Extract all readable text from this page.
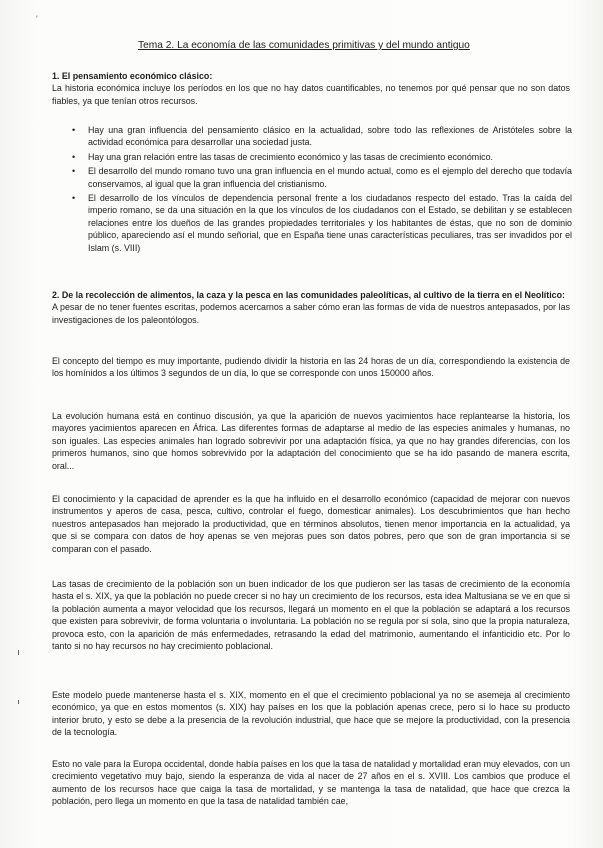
'
Tema 2. La economía de las comunidades primitivas y del mundo antiguo

1. El pensamiento económico clásico:

La historia económica incluye los períodos en los que no hay datos cuantificables, no tenemos por qué pensar que no son datos fiables, ya que tenían otros recursos.

• Hay una gran influencia del pensamiento clásico en la actualidad, sobre todo las reflexiones de Aristóteles sobre la actividad económica para desarrollar una sociedad justa.
• Hay una gran relación entre las tasas de crecimiento económico y las tasas de crecimiento económico.
• El desarrollo del mundo romano tuvo una gran influencia en el mundo actual, como es el ejemplo del derecho que todavía conservamos, al igual que la gran influencia del cristianismo.
• El desarrollo de los vínculos de dependencia personal frente a los ciudadanos respecto del estado. Tras la caída del imperio romano, se da una situación en la que los vínculos de los ciudadanos con el Estado, se debilitan y se establecen relaciones entre los dueños de las grandes propiedades territoriales y los habitantes de éstas, que no son de dominio público, apareciendo así el mundo señorial, que en España tiene unas características peculiares, tras ser invadidos por el Islam (s. VIII)

2. De la recolección de alimentos, la caza y la pesca en las comunidades paleolíticas, al cultivo de la tierra en el Neolítico:

A pesar de no tener fuentes escritas, podemos acercarnos a saber cómo eran las formas de vida de nuestros antepasados, por las investigaciones de los paleontólogos.

El concepto del tiempo es muy importante, pudiendo dividir la historia en las 24 horas de un día, correspondiendo la existencia de los homínidos a los últimos 3 segundos de un día, lo que se corresponde con unos 150000 años.

La evolución humana está en continuo discusión, ya que la aparición de nuevos yacimientos hace replantearse la historia, los mayores yacimientos aparecen en África. Las diferentes formas de adaptarse al medio de las especies animales y humanas, no son iguales. Las especies animales han logrado sobrevivir por una adaptación física, ya que no hay grandes diferencias, con los primeros humanos, sino que homos sobrevivido por la adaptación del conocimiento que se ha ido pasando de manera escrita, oral...

El conocimiento y la capacidad de aprender es la que ha influido en el desarrollo económico (capacidad de mejorar con nuevos instrumentos y aperos de casa, pesca, cultivo, controlar el fuego, domesticar animales). Los descubrimientos que han hecho nuestros antepasados han mejorado la productividad, que en términos absolutos, tienen menor importancia en la actualidad, ya que si se compara con datos de hoy apenas se ven mejoras pues son datos pobres, pero que son de gran importancia si se comparan con el pasado.

Las tasas de crecimiento de la población son un buen indicador de los que pudieron ser las tasas de crecimiento de la economía hasta el s. XIX, ya que la población no puede crecer si no hay un crecimiento de los recursos, esta idea Maltusiana se ve en que si la población aumenta a mayor velocidad que los recursos, llegará un momento en el que la población se adaptará a los recursos que existen para sobrevivir, de forma voluntaria o involuntaria. La población no se regula por sí sola, sino que la propia naturaleza, provoca esto, con la aparición de más enfermedades, retrasando la edad del matrimonio, aumentando el infanticidio etc. Por lo tanto si no hay recursos no hay crecimiento poblacional.

Este modelo puede mantenerse hasta el s. XIX, momento en el que el crecimiento poblacional ya no se asemeja al crecimiento económico, ya que en estos momentos (s. XIX) hay países en los que la población apenas crece, pero si lo hace su producto interior bruto, y esto se debe a la presencia de la revolución industrial, que hace que se mejore la productividad, con la presencia de la tecnología.

Esto no vale para la Europa occidental, donde había países en los que la tasa de natalidad y mortalidad eran muy elevados, con un crecimiento vegetativo muy bajo, siendo la esperanza de vida al nacer de 27 años en el s. XVIII. Los cambios que produce el aumento de los recursos hace que caiga la tasa de mortalidad, y se mantenga la tasa de natalidad, que hace que crezca la población, pero llega un momento en que la tasa de natalidad también cae,
